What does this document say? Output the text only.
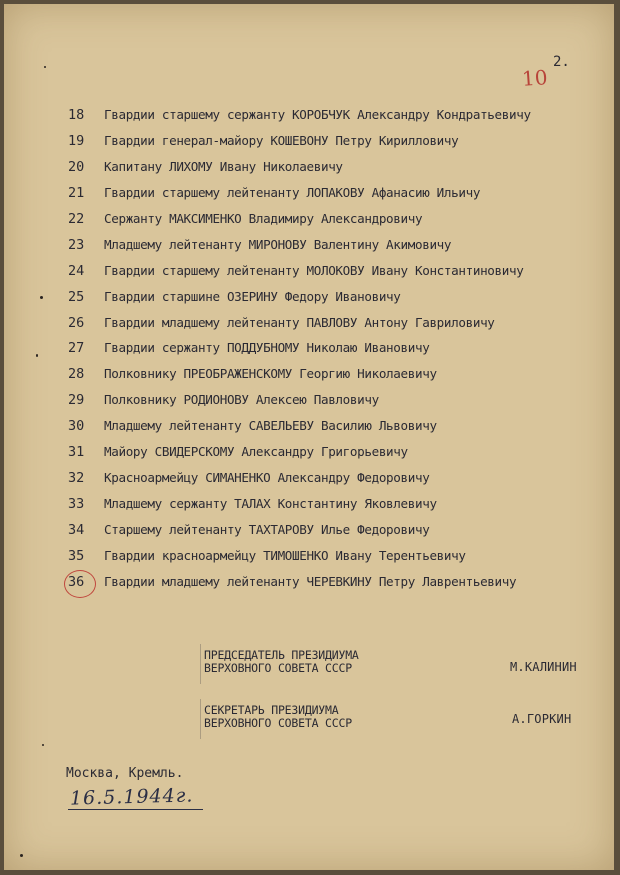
2.
10
18	Гвардии старшему сержанту КОРОБЧУК Александру Кондратьевичу
19	Гвардии генерал-майору КОШЕВОНУ Петру Кирилловичу
20	Капитану ЛИХОМУ Ивану Николаевичу
21	Гвардии старшему лейтенанту ЛОПАКОВУ Афанасию Ильичу
22	Сержанту МАКСИМЕНКО Владимиру Александровичу
23	Младшему лейтенанту МИРОНОВУ Валентину Акимовичу
24	Гвардии старшему лейтенанту МОЛОКОВУ Ивану Константиновичу
25	Гвардии старшине ОЗЕРИНУ Федору Ивановичу
26	Гвардии младшему лейтенанту ПАВЛОВУ Антону Гавриловичу
27	Гвардии сержанту ПОДДУБНОМУ Николаю Ивановичу
28	Полковнику ПРЕОБРАЖЕНСКОМУ Георгию Николаевичу
29	Полковнику РОДИОНОВУ Алексею Павловичу
30	Младшему лейтенанту САВЕЛЬЕВУ Василию Львовичу
31	Майору СВИДЕРСКОМУ Александру Григорьевичу
32	Красноармейцу СИМАНЕНКО Александру Федоровичу
33	Младшему сержанту ТАЛАХ Константину Яковлевичу
34	Старшему лейтенанту ТАХТАРОВУ Илье Федоровичу
35	Гвардии красноармейцу ТИМОШЕНКО Ивану Терентьевичу
36	Гвардии младшему лейтенанту ЧЕРЕВКИНУ Петру Лаврентьевичу
ПРЕДСЕДАТЕЛЬ ПРЕЗИДИУМА
ВЕРХОВНОГО СОВЕТА СССР	М.КАЛИНИН
СЕКРЕТАРЬ ПРЕЗИДИУМА
ВЕРХОВНОГО СОВЕТА СССР	А.ГОРКИН
Москва, Кремль.
16.5.1944г.
